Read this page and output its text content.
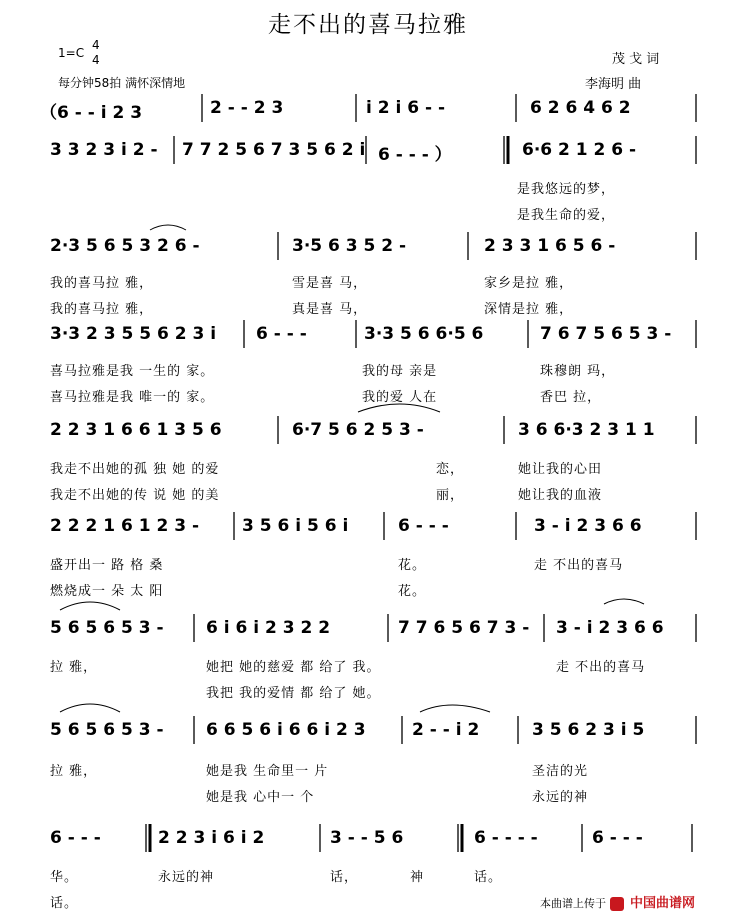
走不出的喜马拉雅
1=C
4
4
每分钟58拍 满怀深情地
茂 戈 词
李海明 曲
（6 - - i 2 3	2 - - 2 3	i 2 i 6 - -	6 2 6 4 6 2
3 3 2 3 i 2 - 7 7 2 5 6 7 3 5 6 2 i 6 - - - ）	6·6 2 1 2 6 -
是我悠远的梦，
是我生命的爱，
2·3 5 6 5 3 2 6 -	3·5 6 3 5 2 -	2 3 3 1 6 5 6 -
我的喜马拉 雅，	雪是喜 马，	家乡是拉 雅，
我的喜马拉 雅，	真是喜 马，	深情是拉 雅，
3·3 2 3 5 5 6 2 3 i 6 - - -	3·3 5 6 6·5 6	7 6 7 5 6 5 3 -
喜马拉雅是我 一生的 家。	我的母 亲是	珠穆朗 玛，
喜马拉雅是我 唯一的 家。	我的爱 人在	香巴 拉，
2 2 3 1 6 6 1 3 5 6	6·7 5 6 2 5 3 -	3 6 6·3 2 3 1 1
我走不出她的孤 独 她 的爱	恋，	她让我的心田
我走不出她的传 说 她 的美	丽，	她让我的血液
2 2 2 1 6 1 2 3 -	3 5 6 i 5 6 i	6 - - -	3 - i 2 3 6 6
盛开出一 路 格 桑	花。	走 不出的喜马
燃烧成一 朵 太 阳	花。
5 6 5 6 5 3 - 6 i 6 i 2 3 2 2	7 7 6 5 6 7 3 - 3 - i 2 3 6 6
拉 雅，	她把 她的慈爱 都 给了 我。	走 不出的喜马
我把 我的爱情 都 给了 她。
5 6 5 6 5 3 - 6 6 5 6 i 6 6 i 2 3	2 - - i 2	3 5 6 2 3 i 5
拉 雅，	她是我 生命里一 片	圣洁的光
她是我 心中一 个	永远的神
6 - - -	2 2 3 i 6 i 2	3 - - 5 6	6 - - - -	6 - - -
华。	永远的神	话，	神	话。
话。	本曲谱上传于 中国曲谱网
